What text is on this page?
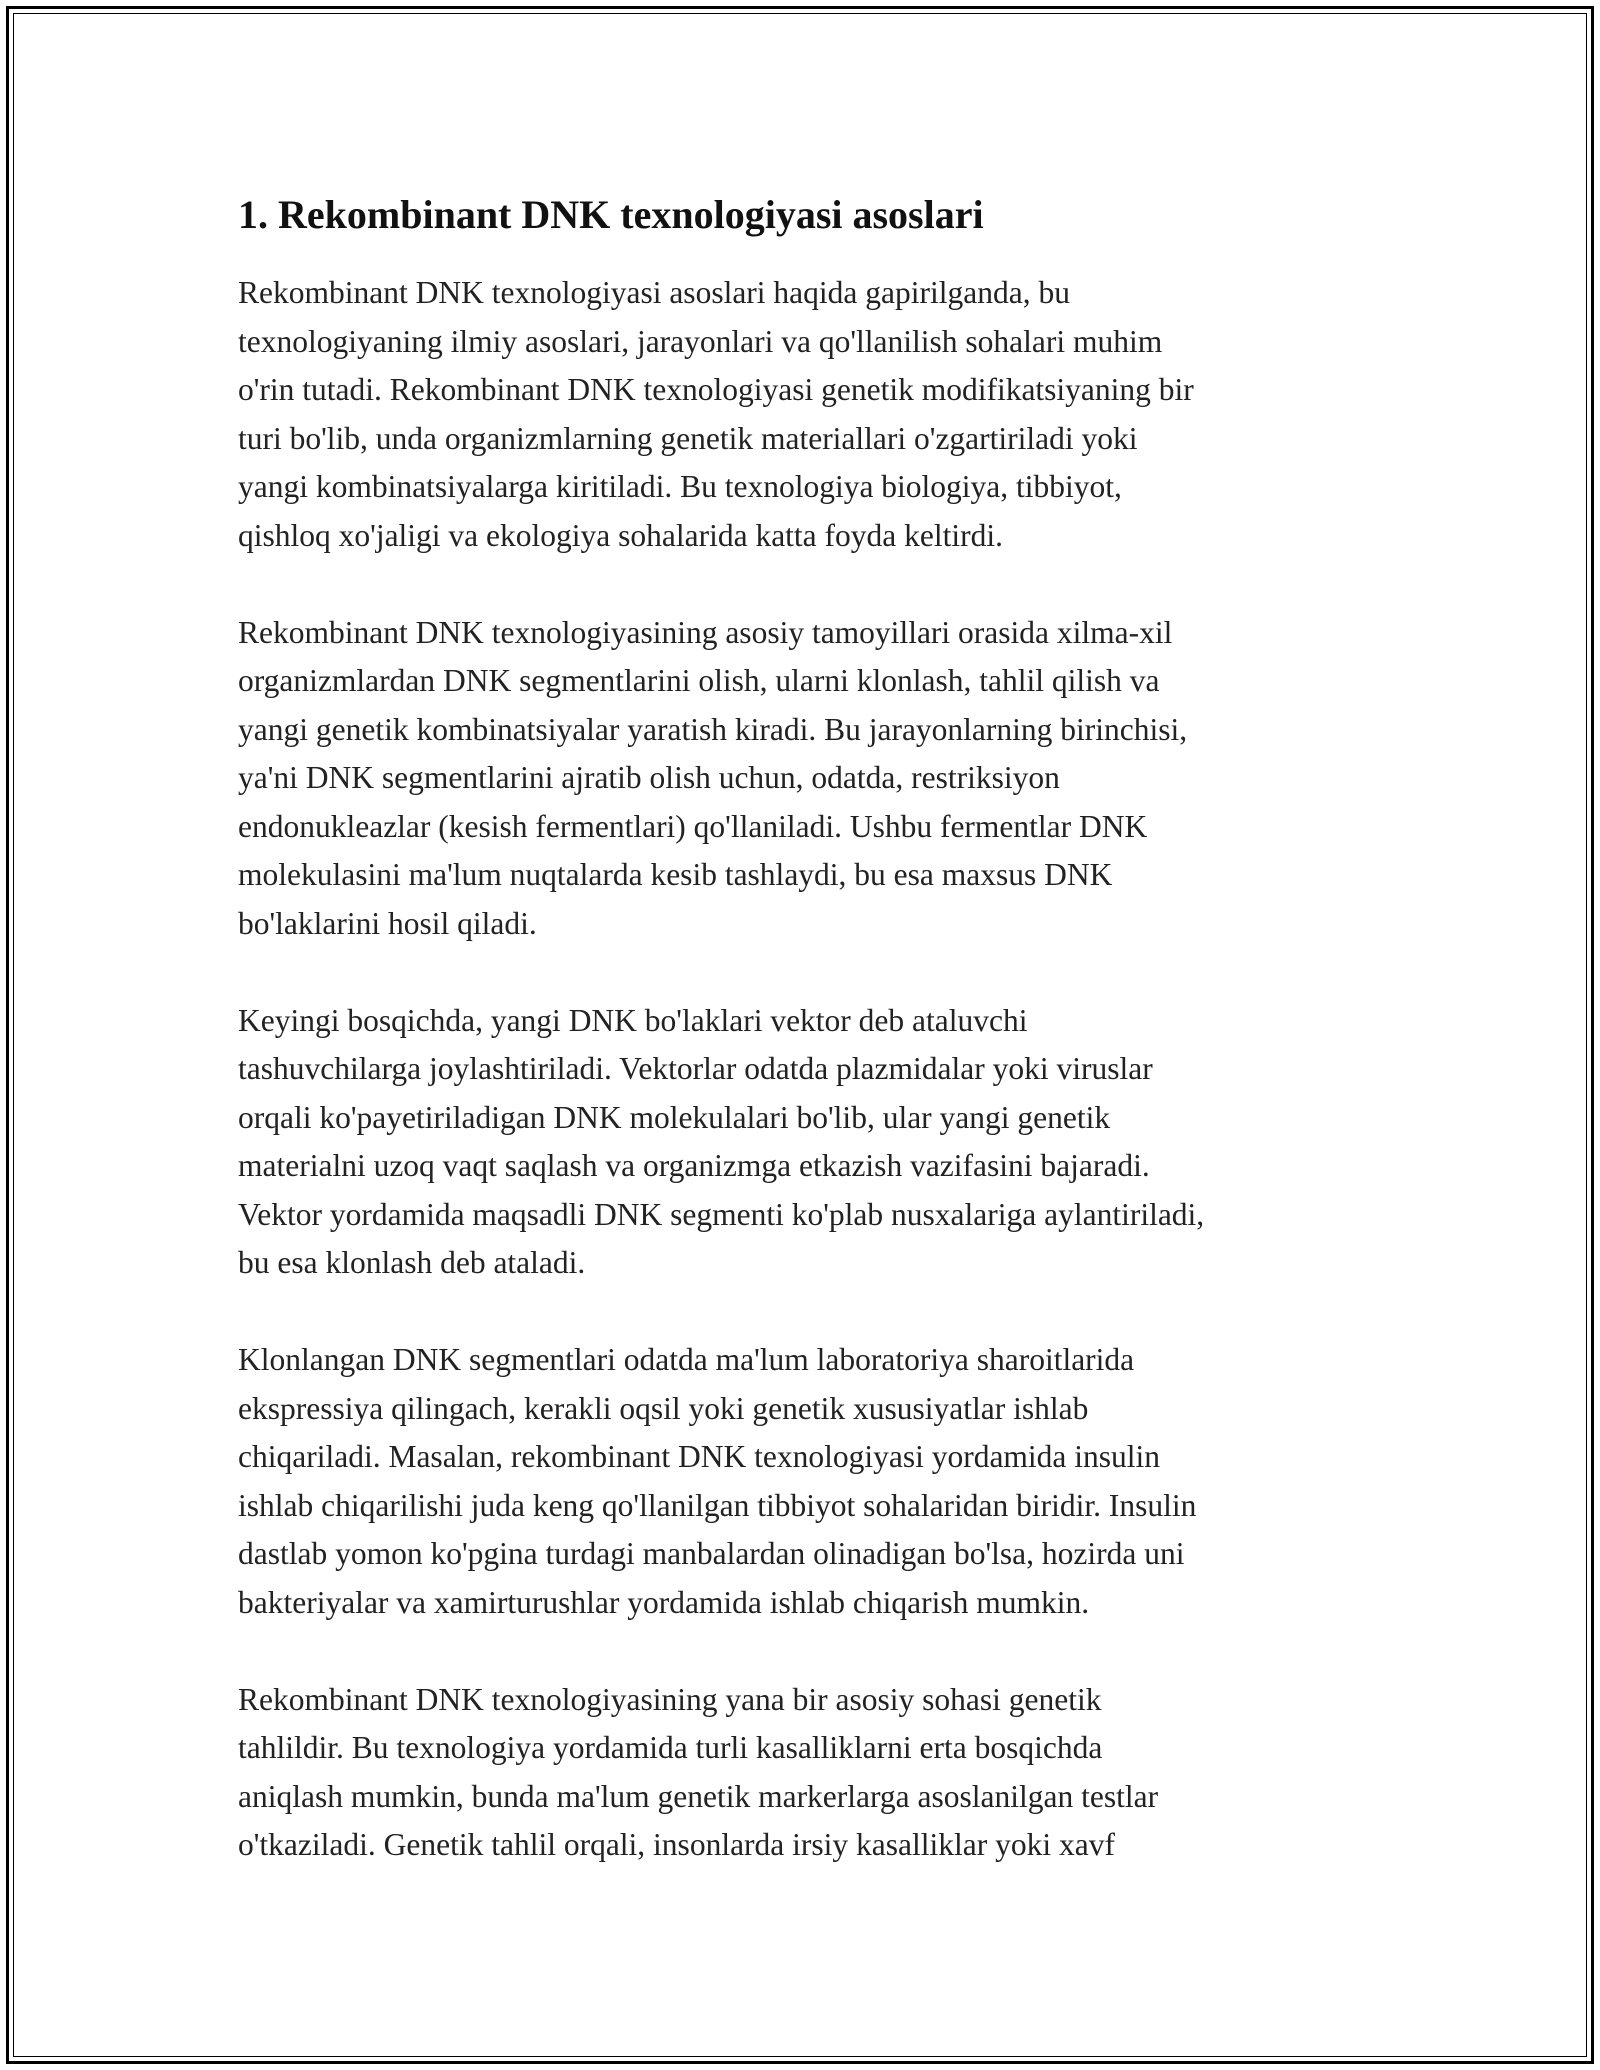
1. Rekombinant DNK texnologiyasi asoslari

Rekombinant DNK texnologiyasi asoslari haqida gapirilganda, bu
texnologiyaning ilmiy asoslari, jarayonlari va qo'llanilish sohalari muhim
o'rin tutadi. Rekombinant DNK texnologiyasi genetik modifikatsiyaning bir
turi bo'lib, unda organizmlarning genetik materiallari o'zgartiriladi yoki
yangi kombinatsiyalarga kiritiladi. Bu texnologiya biologiya, tibbiyot,
qishloq xo'jaligi va ekologiya sohalarida katta foyda keltirdi.

Rekombinant DNK texnologiyasining asosiy tamoyillari orasida xilma-xil
organizmlardan DNK segmentlarini olish, ularni klonlash, tahlil qilish va
yangi genetik kombinatsiyalar yaratish kiradi. Bu jarayonlarning birinchisi,
ya'ni DNK segmentlarini ajratib olish uchun, odatda, restriksiyon
endonukleazlar (kesish fermentlari) qo'llaniladi. Ushbu fermentlar DNK
molekulasini ma'lum nuqtalarda kesib tashlaydi, bu esa maxsus DNK
bo'laklarini hosil qiladi.

Keyingi bosqichda, yangi DNK bo'laklari vektor deb ataluvchi
tashuvchilarga joylashtiriladi. Vektorlar odatda plazmidalar yoki viruslar
orqali ko'payetiriladigan DNK molekulalari bo'lib, ular yangi genetik
materialni uzoq vaqt saqlash va organizmga etkazish vazifasini bajaradi.
Vektor yordamida maqsadli DNK segmenti ko'plab nusxalariga aylantiriladi,
bu esa klonlash deb ataladi.

Klonlangan DNK segmentlari odatda ma'lum laboratoriya sharoitlarida
ekspressiya qilingach, kerakli oqsil yoki genetik xususiyatlar ishlab
chiqariladi. Masalan, rekombinant DNK texnologiyasi yordamida insulin
ishlab chiqarilishi juda keng qo'llanilgan tibbiyot sohalaridan biridir. Insulin
dastlab yomon ko'pgina turdagi manbalardan olinadigan bo'lsa, hozirda uni
bakteriyalar va xamirturushlar yordamida ishlab chiqarish mumkin.

Rekombinant DNK texnologiyasining yana bir asosiy sohasi genetik
tahlildir. Bu texnologiya yordamida turli kasalliklarni erta bosqichda
aniqlash mumkin, bunda ma'lum genetik markerlarga asoslanilgan testlar
o'tkaziladi. Genetik tahlil orqali, insonlarda irsiy kasalliklar yoki xavf
